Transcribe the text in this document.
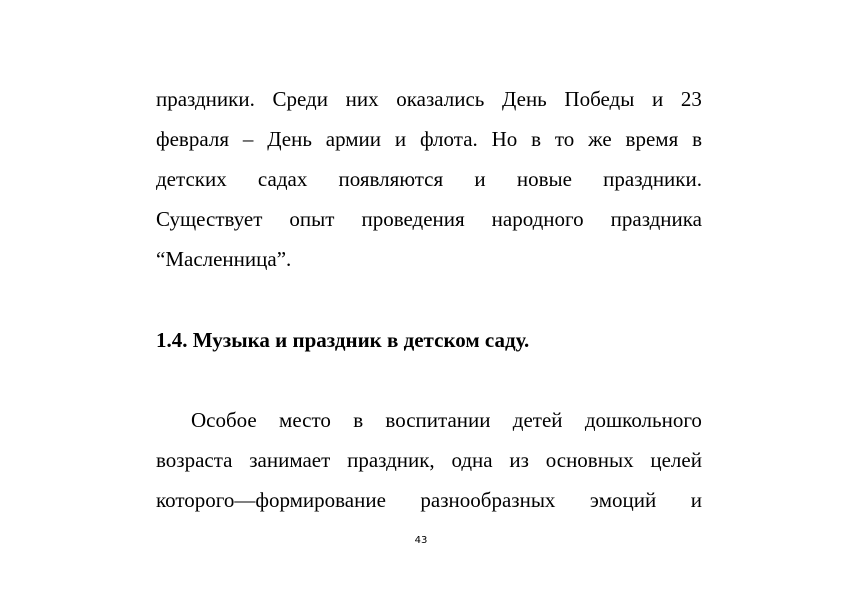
праздники. Среди них оказались День Победы и 23
февраля – День армии и флота. Но в то же время в
детских садах появляются и новые праздники.
Существует опыт проведения народного праздника
“Масленница”.
1.4. Музыка и праздник в детском саду.
Особое место в воспитании детей дошкольного
возраста занимает праздник, одна из основных целей
которого—формирование разнообразных эмоций и
43
